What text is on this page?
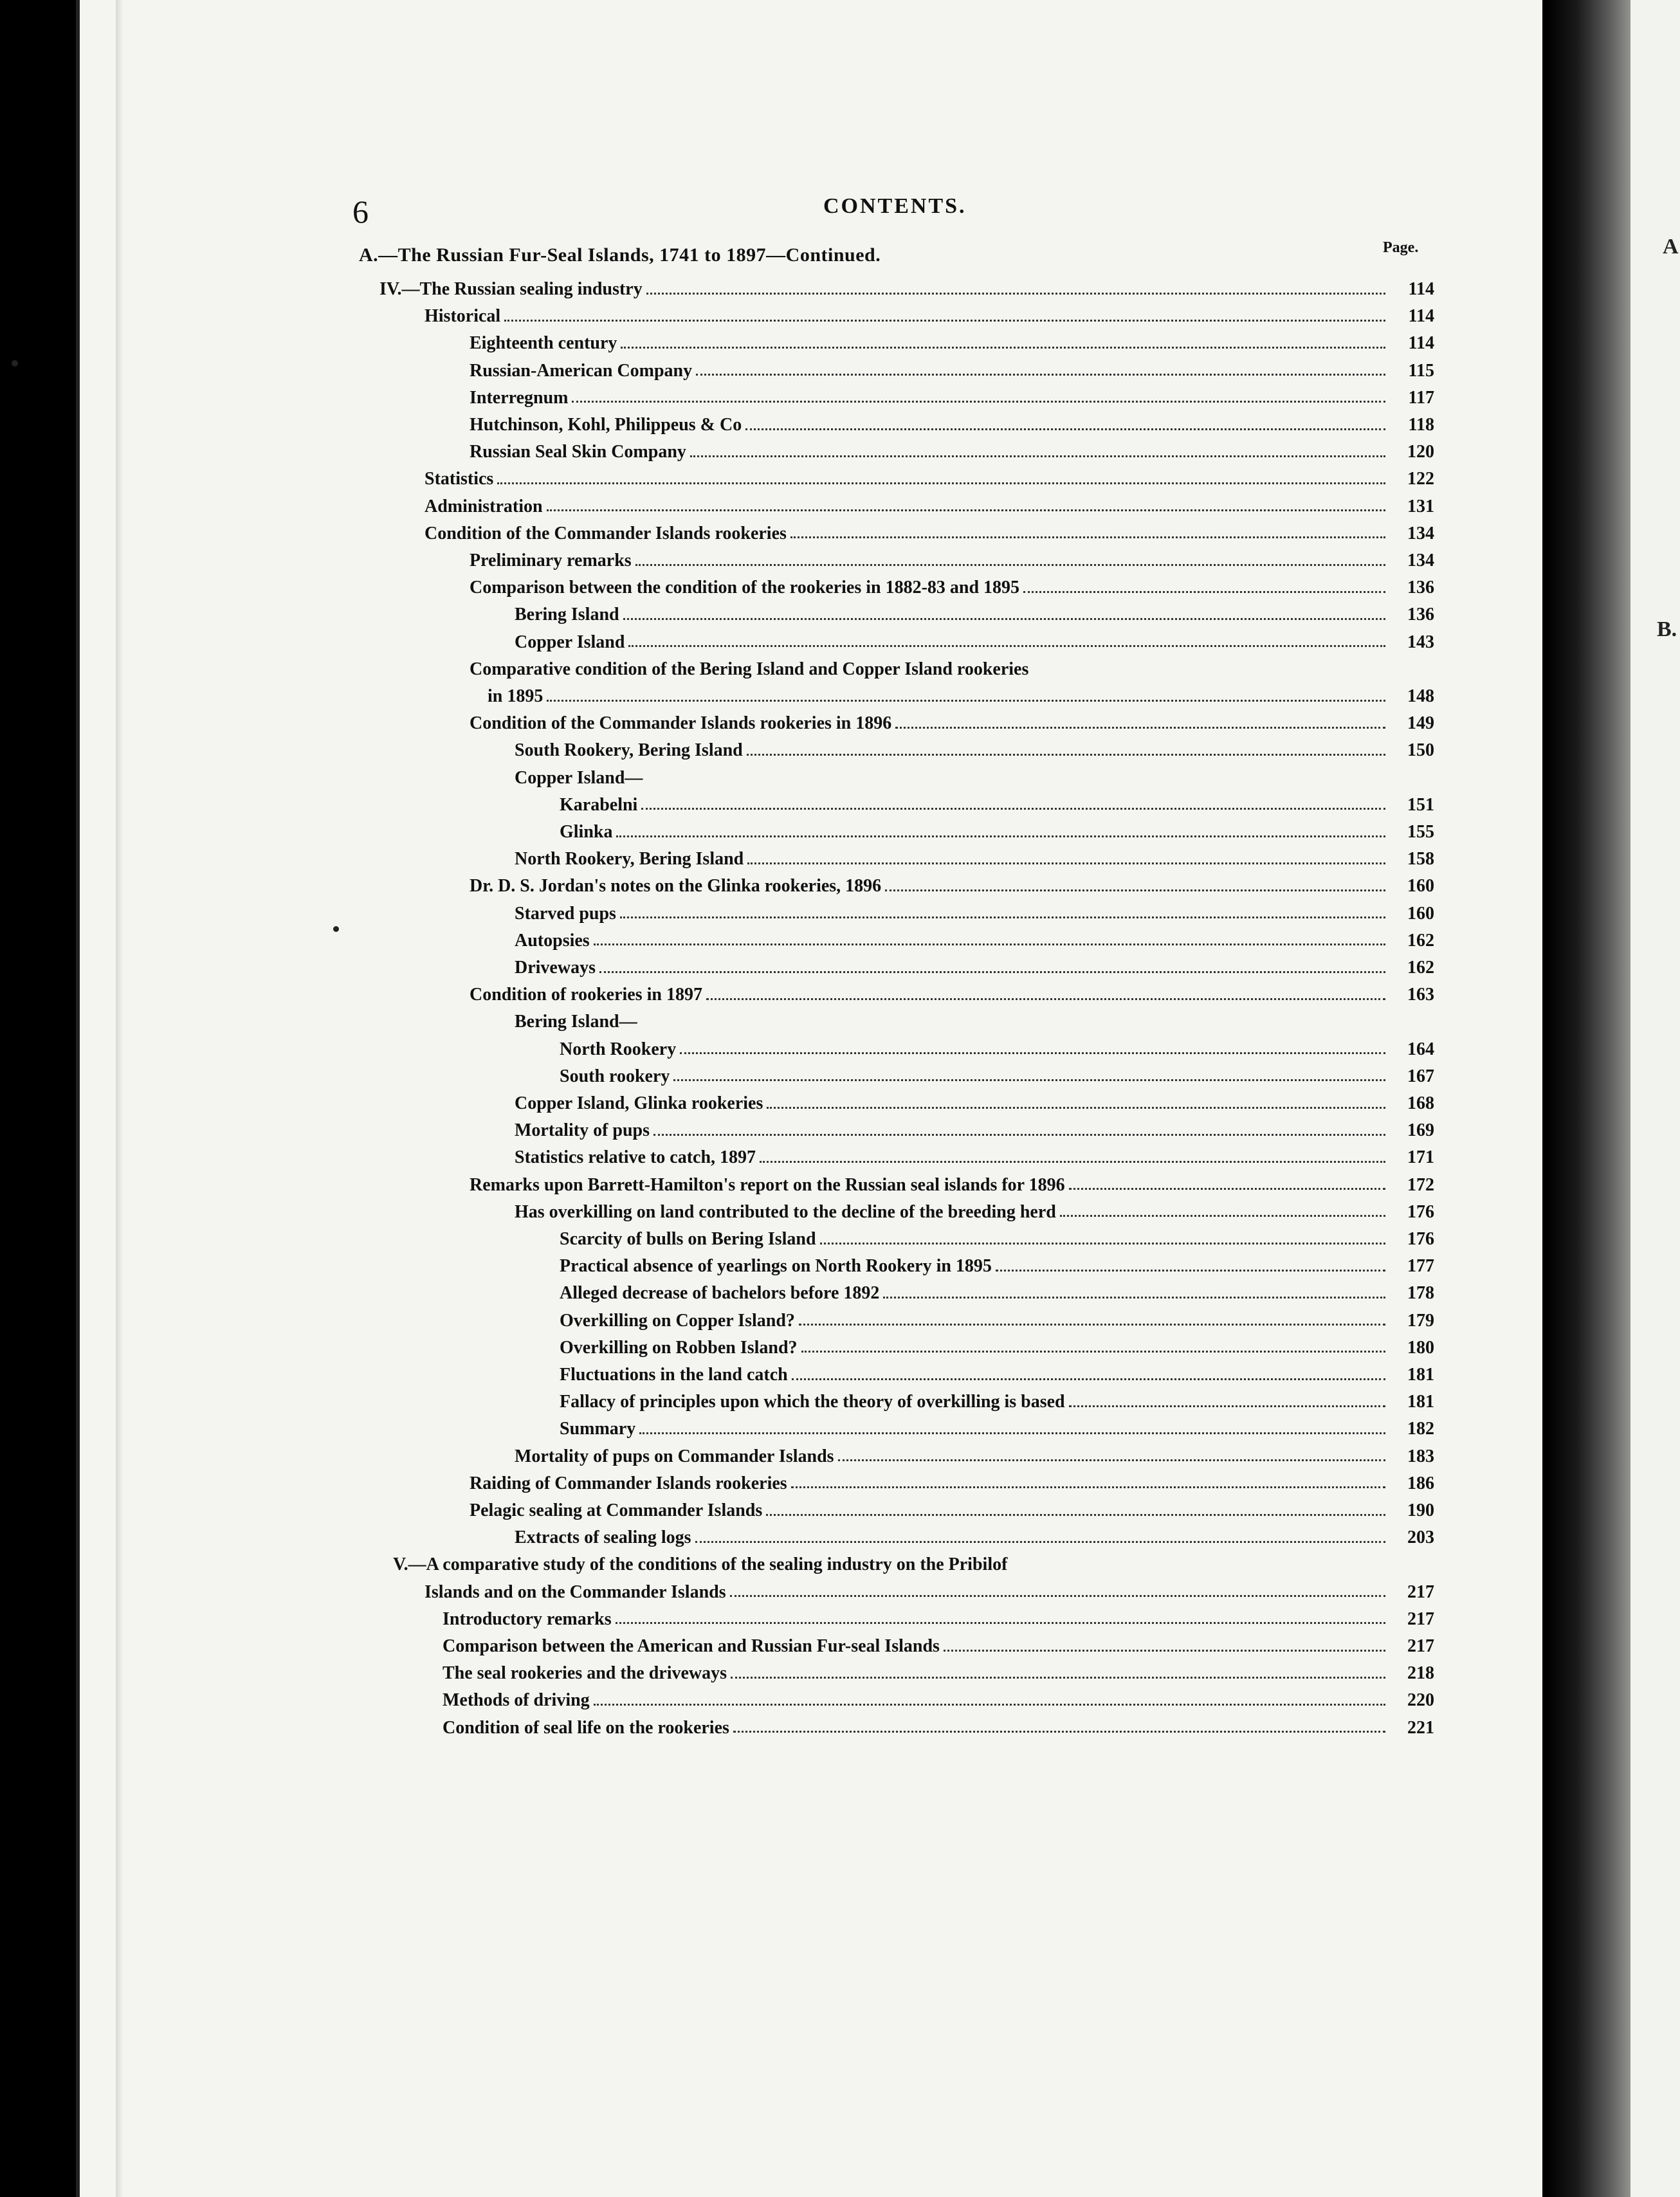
A
B.
6	CONTENTS.
Page.
A.—The Russian Fur-Seal Islands, 1741 to 1897—Continued.
IV.—The Russian sealing industry	114
Historical	114
Eighteenth century	114
Russian-American Company	115
Interregnum	117
Hutchinson, Kohl, Philippeus & Co	118
Russian Seal Skin Company	120
Statistics	122
Administration	131
Condition of the Commander Islands rookeries	134
Preliminary remarks	134
Comparison between the condition of the rookeries in 1882-83 and 1895	136
Bering Island	136
Copper Island	143
Comparative condition of the Bering Island and Copper Island rookeries
in 1895	148
Condition of the Commander Islands rookeries in 1896	149
South Rookery, Bering Island	150
Copper Island—
Karabelni	151
Glinka	155
North Rookery, Bering Island	158
Dr. D. S. Jordan's notes on the Glinka rookeries, 1896	160
Starved pups	160
Autopsies	162
Driveways	162
Condition of rookeries in 1897	163
Bering Island—
North Rookery	164
South rookery	167
Copper Island, Glinka rookeries	168
Mortality of pups	169
Statistics relative to catch, 1897	171
Remarks upon Barrett-Hamilton's report on the Russian seal islands for 1896	172
Has overkilling on land contributed to the decline of the breeding herd	176
Scarcity of bulls on Bering Island	176
Practical absence of yearlings on North Rookery in 1895	177
Alleged decrease of bachelors before 1892	178
Overkilling on Copper Island?	179
Overkilling on Robben Island?	180
Fluctuations in the land catch	181
Fallacy of principles upon which the theory of overkilling is based	181
Summary	182
Mortality of pups on Commander Islands	183
Raiding of Commander Islands rookeries	186
Pelagic sealing at Commander Islands	190
Extracts of sealing logs	203
V.—A comparative study of the conditions of the sealing industry on the Pribilof
Islands and on the Commander Islands	217
Introductory remarks	217
Comparison between the American and Russian Fur-seal Islands	217
The seal rookeries and the driveways	218
Methods of driving	220
Condition of seal life on the rookeries	221
